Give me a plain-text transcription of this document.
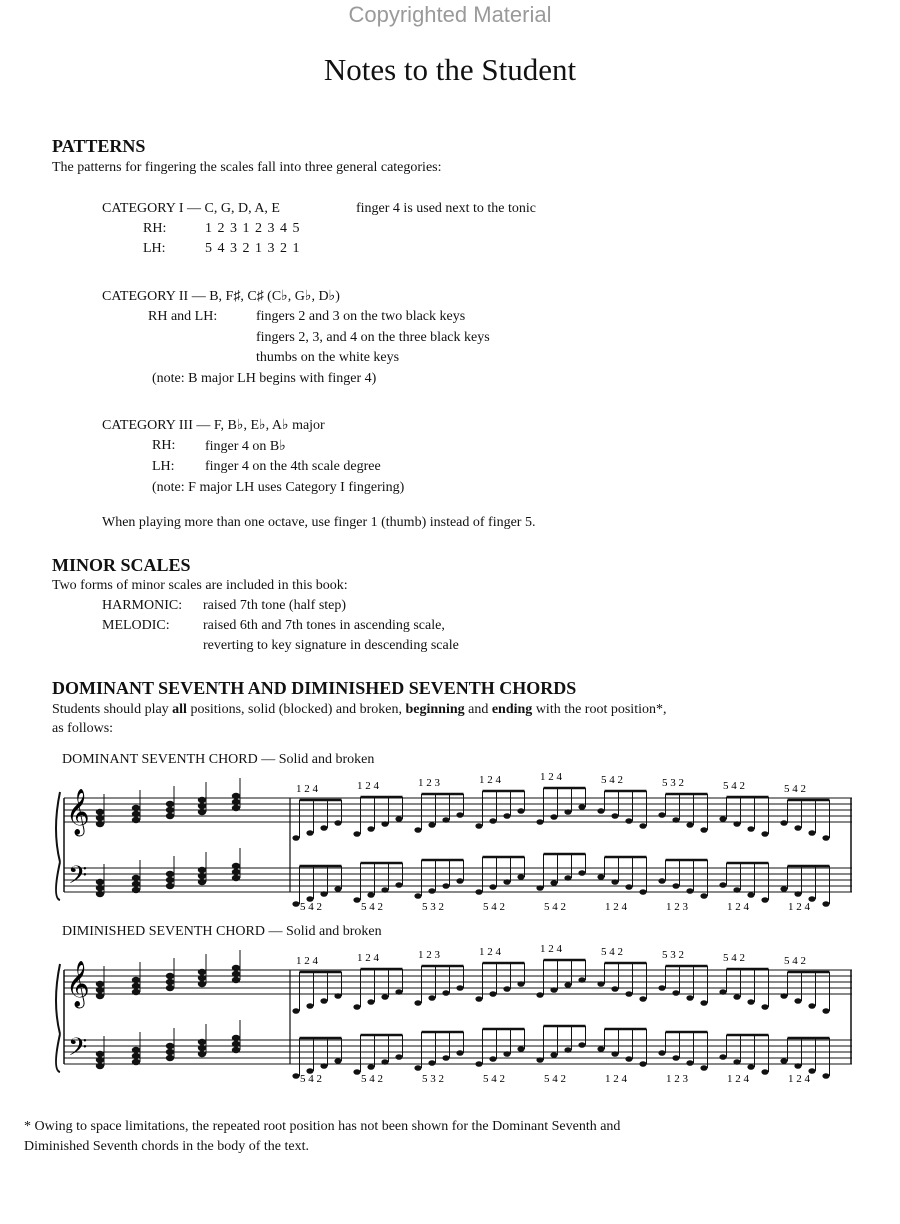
Copyrighted Material
Notes to the Student
PATTERNS
The patterns for fingering the scales fall into three general categories:
CATEGORY I — C, G, D, A, E	finger 4 is used next to the tonic
RH:	1 2 3 1 2 3 4 5
LH:	5 4 3 2 1 3 2 1
CATEGORY II — B, F♯, C♯ (C♭, G♭, D♭)
RH and LH:	fingers 2 and 3 on the two black keys
fingers 2, 3, and 4 on the three black keys
thumbs on the white keys
(note: B major LH begins with finger 4)
CATEGORY III — F, B♭, E♭, A♭ major
RH: finger 4 on B♭
LH: finger 4 on the 4th scale degree
(note: F major LH uses Category I fingering)
When playing more than one octave, use finger 1 (thumb) instead of finger 5.
MINOR SCALES
Two forms of minor scales are included in this book:
HARMONIC: raised 7th tone (half step)
MELODIC: raised 6th and 7th tones in ascending scale,
reverting to key signature in descending scale
DOMINANT SEVENTH AND DIMINISHED SEVENTH CHORDS
Students should play all positions, solid (blocked) and broken, beginning and ending with the root position*,
as follows:
DOMINANT SEVENTH CHORD — Solid and broken
DIMINISHED SEVENTH CHORD — Solid and broken
𝄞
𝄢
1 2 4
5 4 2
1 2 4
5 4 2
1 2 3
5 3 2
1 2 4
5 4 2
1 2 4
5 4 2
5 4 2
1 2 4
5 3 2
1 2 3
5 4 2
1 2 4
5 4 2
1 2 4
𝄞
𝄢
1 2 4
5 4 2
1 2 4
5 4 2
1 2 3
5 3 2
1 2 4
5 4 2
1 2 4
5 4 2
5 4 2
1 2 4
5 3 2
1 2 3
5 4 2
1 2 4
5 4 2
1 2 4
* Owing to space limitations, the repeated root position has not been shown for the Dominant Seventh and
Diminished Seventh chords in the body of the text.
